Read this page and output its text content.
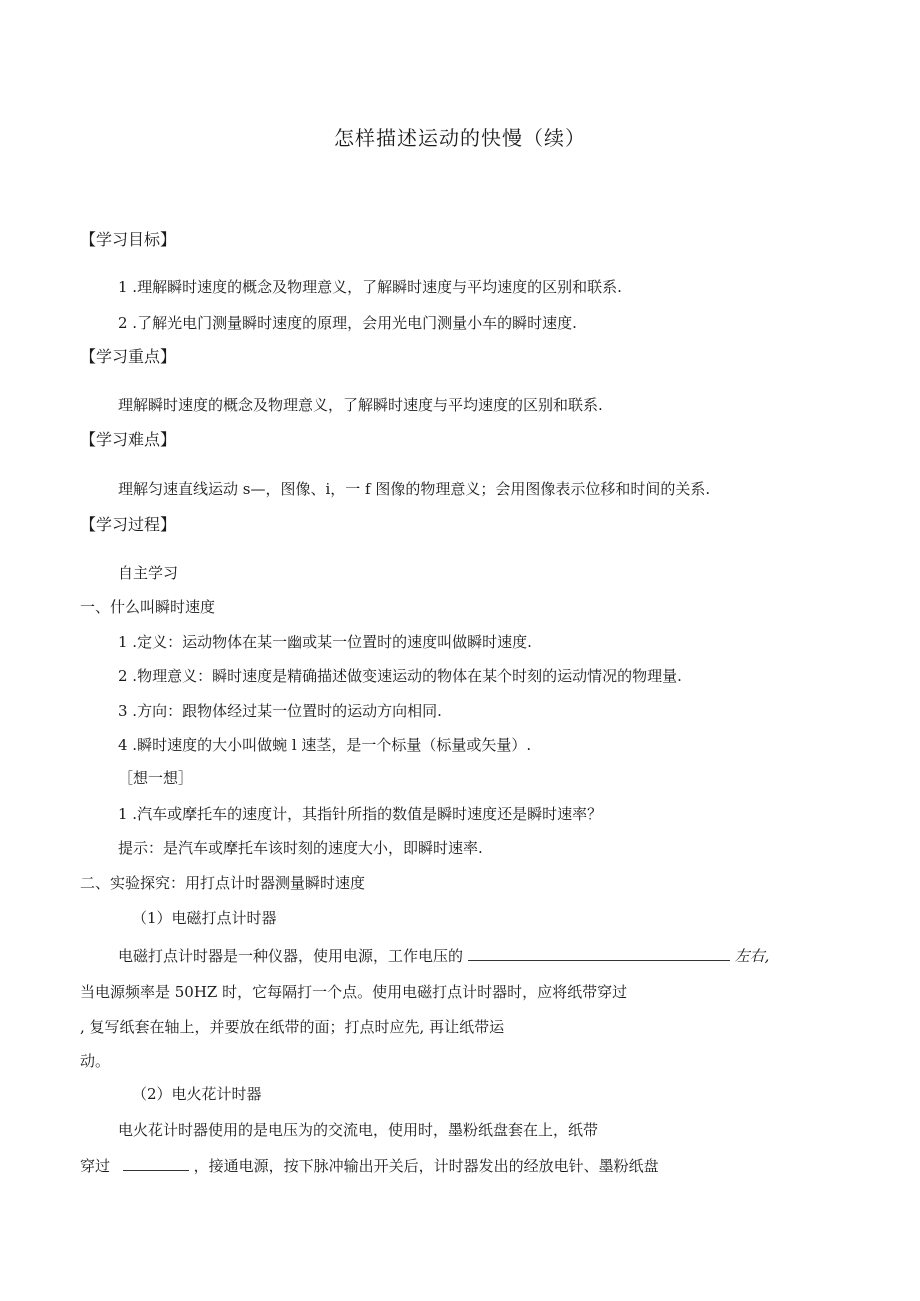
怎样描述运动的快慢（续）
【学习目标】
1 .理解瞬时速度的概念及物理意义，了解瞬时速度与平均速度的区别和联系.
2 .了解光电门测量瞬时速度的原理，会用光电门测量小车的瞬时速度.
【学习重点】
理解瞬时速度的概念及物理意义，了解瞬时速度与平均速度的区别和联系.
【学习难点】
理解匀速直线运动 s—，图像、i，一 f 图像的物理意义；会用图像表示位移和时间的关系.
【学习过程】
自主学习
一、什么叫瞬时速度
1 .定义：运动物体在某一幽或某一位置时的速度叫做瞬时速度.
2 .物理意义：瞬时速度是精确描述做变速运动的物体在某个时刻的运动情况的物理量.
3 .方向：跟物体经过某一位置时的运动方向相同.
4 .瞬时速度的大小叫做蜿 l 速茎，是一个标量（标量或矢量）.
［想一想］
1 .汽车或摩托车的速度计，其指针所指的数值是瞬时速度还是瞬时速率？
提示：是汽车或摩托车该时刻的速度大小，即瞬时速率.
二、实验探究：用打点计时器测量瞬时速度
（1）电磁打点计时器
电磁打点计时器是一种仪器，使用电源，工作电压的	左右,
当电源频率是 50HZ 时，它每隔打一个点。使用电磁打点计时器时，应将纸带穿过
, 复写纸套在轴上，并要放在纸带的面；打点时应先, 再让纸带运
动。
（2）电火花计时器
电火花计时器使用的是电压为的交流电，使用时，墨粉纸盘套在上，纸带
穿过	，接通电源，按下脉冲输出开关后，计时器发出的经放电针、墨粉纸盘
